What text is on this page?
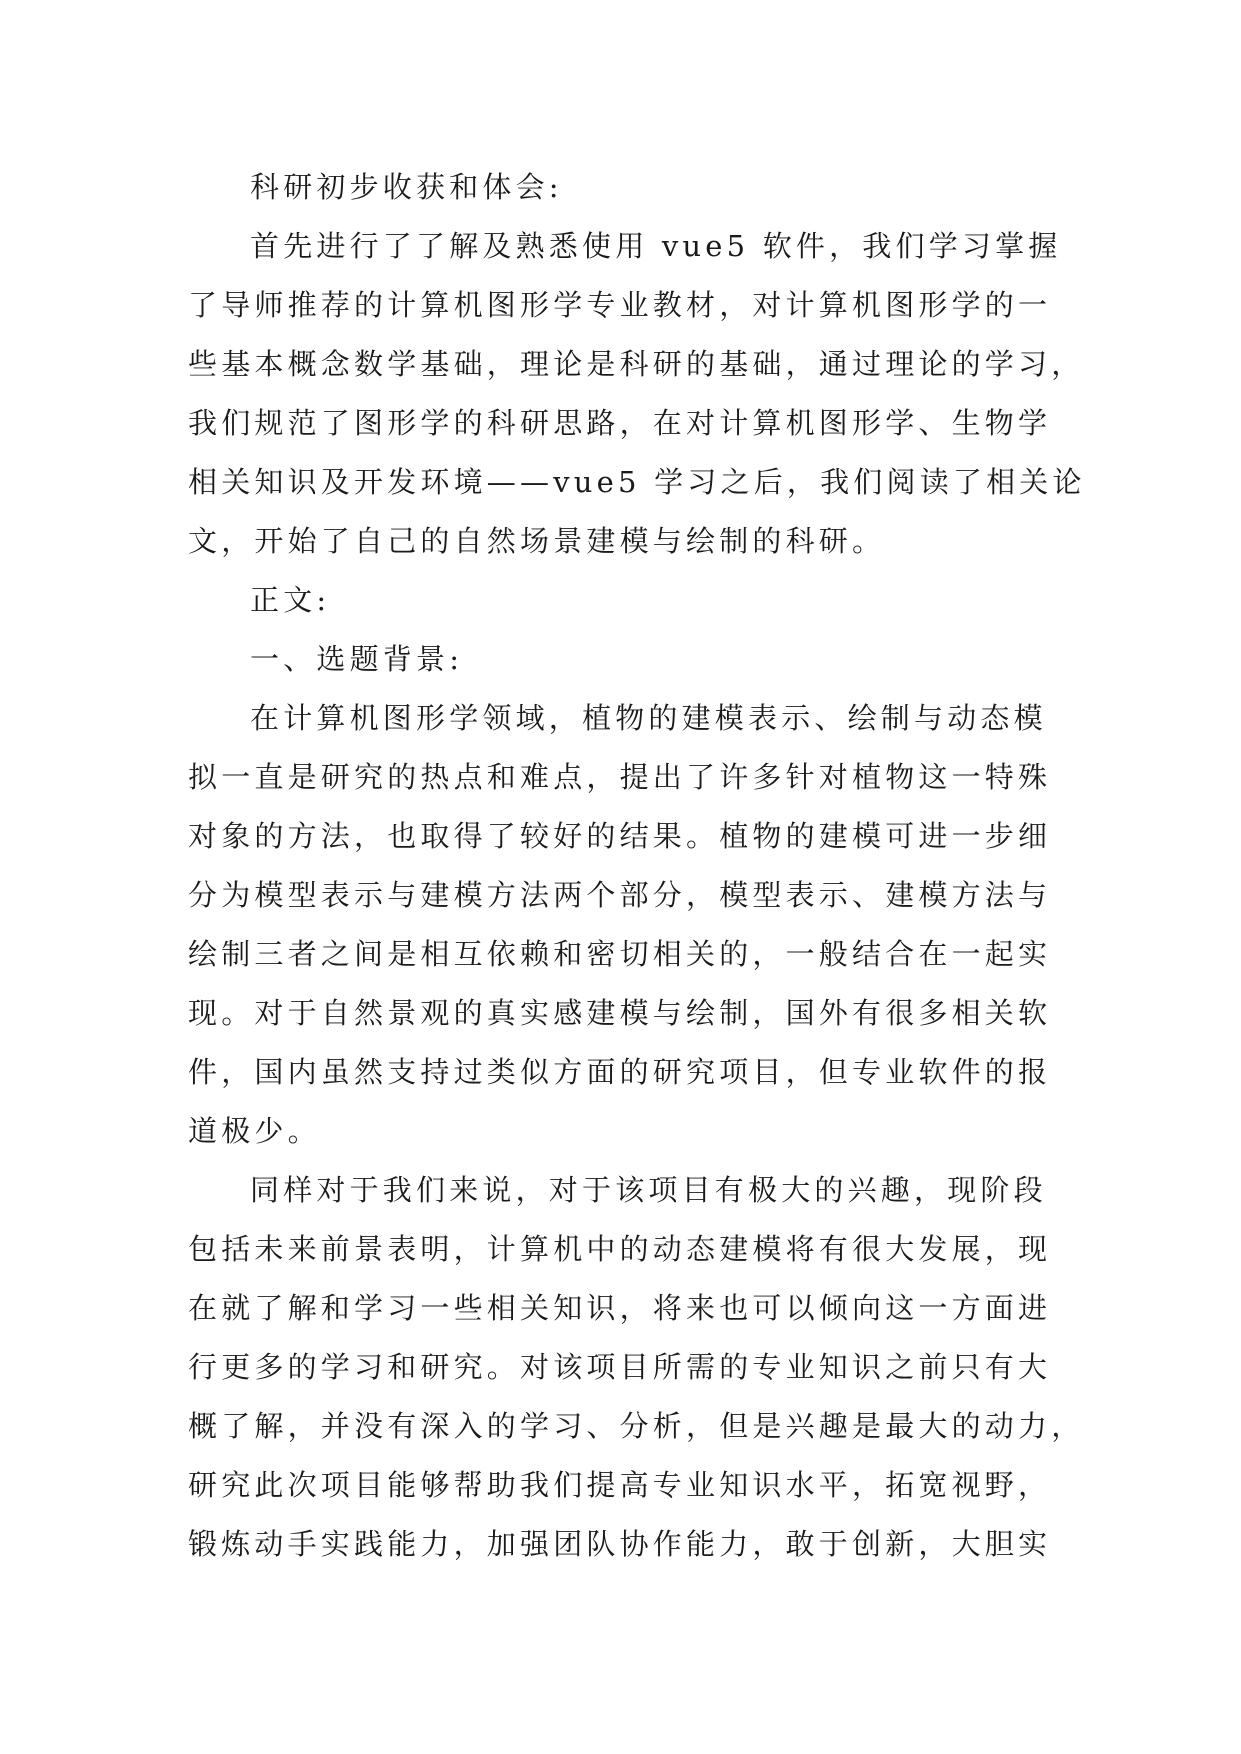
科研初步收获和体会:
首先进行了了解及熟悉使用 vue5 软件，我们学习掌握
了导师推荐的计算机图形学专业教材，对计算机图形学的一
些基本概念数学基础，理论是科研的基础，通过理论的学习，
我们规范了图形学的科研思路，在对计算机图形学、生物学
相关知识及开发环境——vue5 学习之后，我们阅读了相关论
文，开始了自己的自然场景建模与绘制的科研。
正文:
一、选题背景:
在计算机图形学领域，植物的建模表示、绘制与动态模
拟一直是研究的热点和难点，提出了许多针对植物这一特殊
对象的方法，也取得了较好的结果。植物的建模可进一步细
分为模型表示与建模方法两个部分，模型表示、建模方法与
绘制三者之间是相互依赖和密切相关的，一般结合在一起实
现。对于自然景观的真实感建模与绘制，国外有很多相关软
件，国内虽然支持过类似方面的研究项目，但专业软件的报
道极少。
同样对于我们来说，对于该项目有极大的兴趣，现阶段
包括未来前景表明，计算机中的动态建模将有很大发展，现
在就了解和学习一些相关知识，将来也可以倾向这一方面进
行更多的学习和研究。对该项目所需的专业知识之前只有大
概了解，并没有深入的学习、分析，但是兴趣是最大的动力，
研究此次项目能够帮助我们提高专业知识水平，拓宽视野，
锻炼动手实践能力，加强团队协作能力，敢于创新，大胆实
